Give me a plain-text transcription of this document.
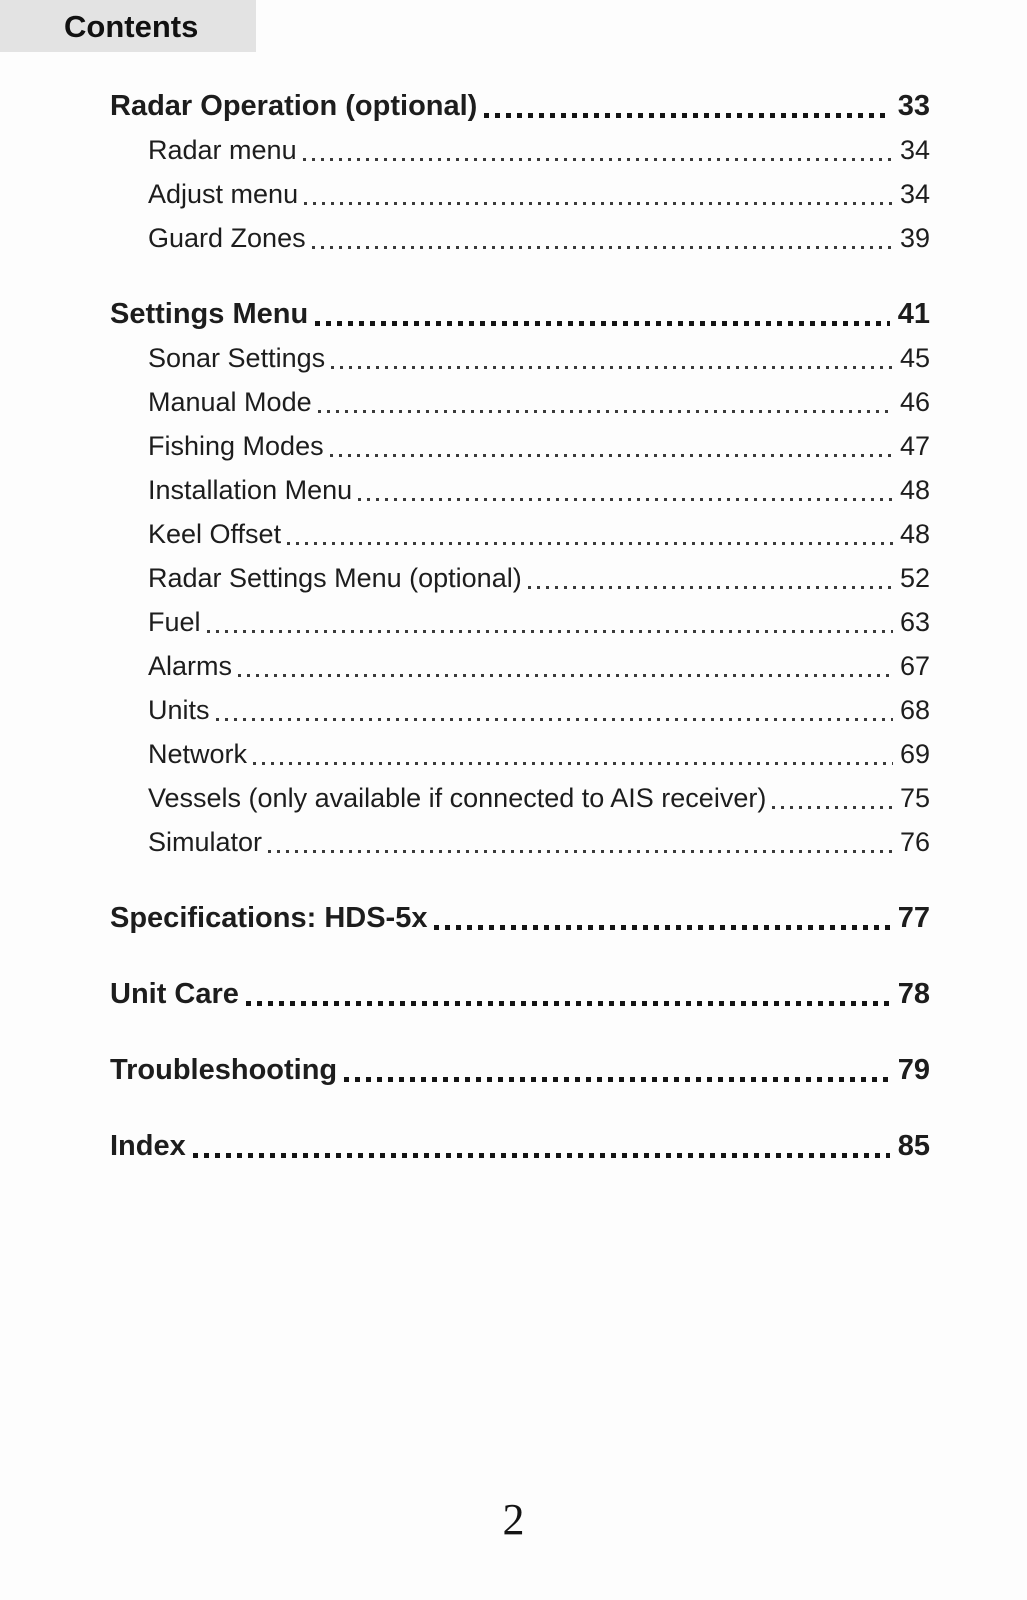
Contents
Radar Operation (optional)	33
Radar menu	34
Adjust menu	34
Guard Zones	39
Settings Menu	41
Sonar Settings	45
Manual Mode	46
Fishing Modes	47
Installation Menu	48
Keel Offset	48
Radar Settings Menu (optional)	52
Fuel	63
Alarms	67
Units	68
Network	69
Vessels (only available if connected to AIS receiver)	75
Simulator	76
Specifications: HDS-5x	77
Unit Care	78
Troubleshooting	79
Index	85
2
